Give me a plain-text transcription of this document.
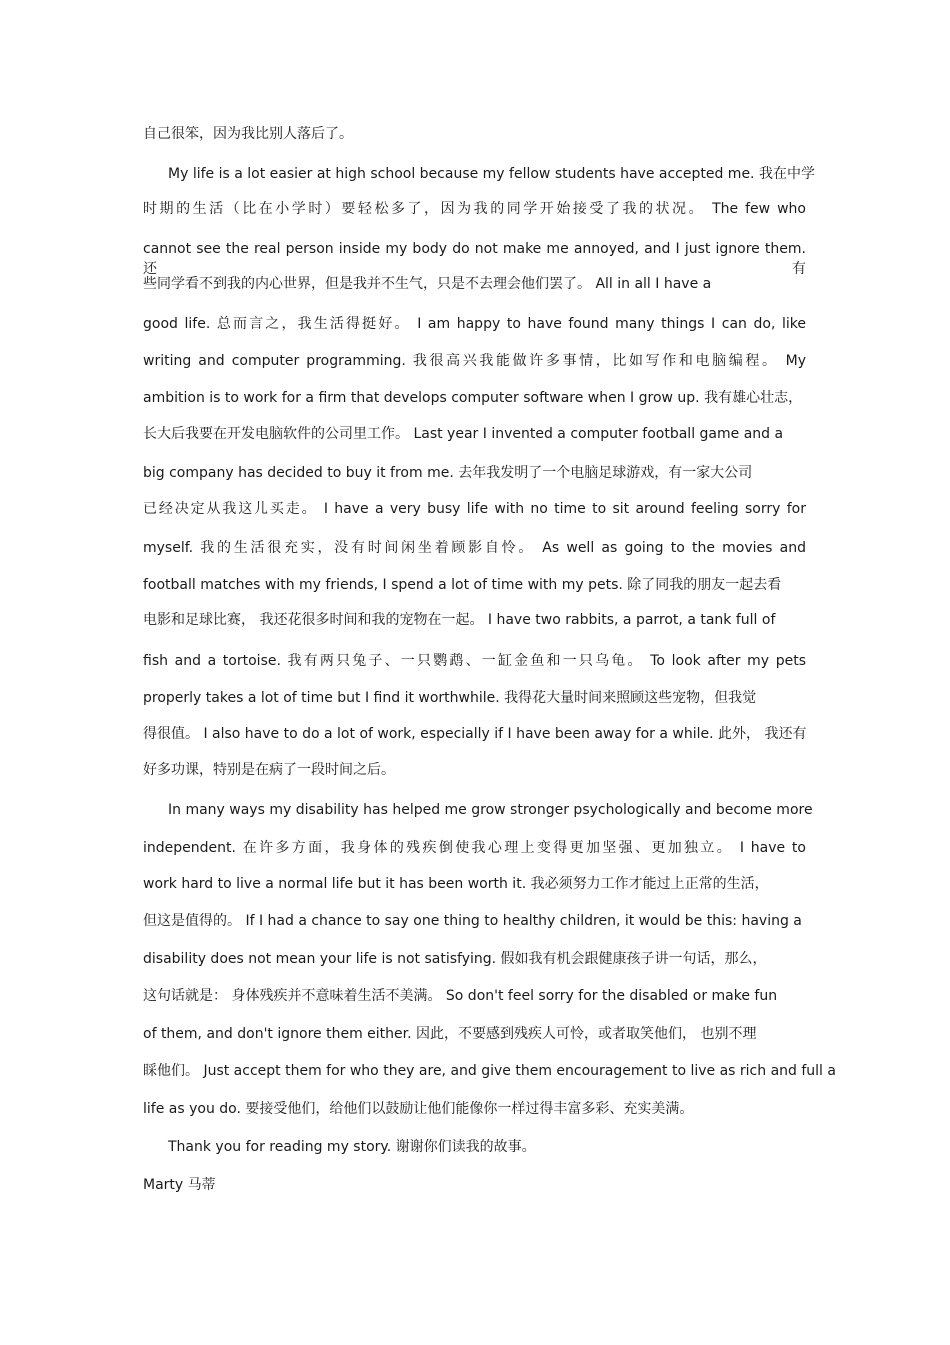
自己很笨，因为我比别人落后了。

My life is a lot easier at high school because my fellow students have accepted me. 我在中学

时期的生活（比在小学时）要轻松多了，因为我的同学开始接受了我的状况。 The few who

cannot see the real person inside my body do not make me annoyed, and I just ignore them. 还有

些同学看不到我的内心世界，但是我并不生气，只是不去理会他们罢了。 All in all I have a

good life. 总而言之，我生活得挺好。 I am happy to have found many things I can do, like

writing and computer programming. 我很高兴我能做许多事情，比如写作和电脑编程。 My

ambition is to work for a firm that develops computer software when I grow up. 我有雄心壮志，

长大后我要在开发电脑软件的公司里工作。 Last year I invented a computer football game and a

big company has decided to buy it from me. 去年我发明了一个电脑足球游戏，有一家大公司

已经决定从我这儿买走。 I have a very busy life with no time to sit around feeling sorry for

myself. 我的生活很充实，没有时间闲坐着顾影自怜。 As well as going to the movies and

football matches with my friends, I spend a lot of time with my pets. 除了同我的朋友一起去看

电影和足球比赛， 我还花很多时间和我的宠物在一起。 I have two rabbits, a parrot, a tank full of

fish and a tortoise. 我有两只兔子、一只鹦鹉、一缸金鱼和一只乌龟。 To look after my pets

properly takes a lot of time but I find it worthwhile. 我得花大量时间来照顾这些宠物，但我觉

得很值。 I also have to do a lot of work, especially if I have been away for a while. 此外， 我还有

好多功课，特别是在病了一段时间之后。

In many ways my disability has helped me grow stronger psychologically and become more

independent. 在许多方面，我身体的残疾倒使我心理上变得更加坚强、更加独立。 I have to

work hard to live a normal life but it has been worth it. 我必须努力工作才能过上正常的生活，

但这是值得的。 If I had a chance to say one thing to healthy children, it would be this: having a

disability does not mean your life is not satisfying. 假如我有机会跟健康孩子讲一句话，那么，

这句话就是： 身体残疾并不意味着生活不美满。 So don't feel sorry for the disabled or make fun

of them, and don't ignore them either. 因此，不要感到残疾人可怜，或者取笑他们， 也别不理

睬他们。 Just accept them for who they are, and give them encouragement to live as rich and full a

life as you do. 要接受他们，给他们以鼓励让他们能像你一样过得丰富多彩、充实美满。

Thank you for reading my story. 谢谢你们读我的故事。

Marty 马蒂
